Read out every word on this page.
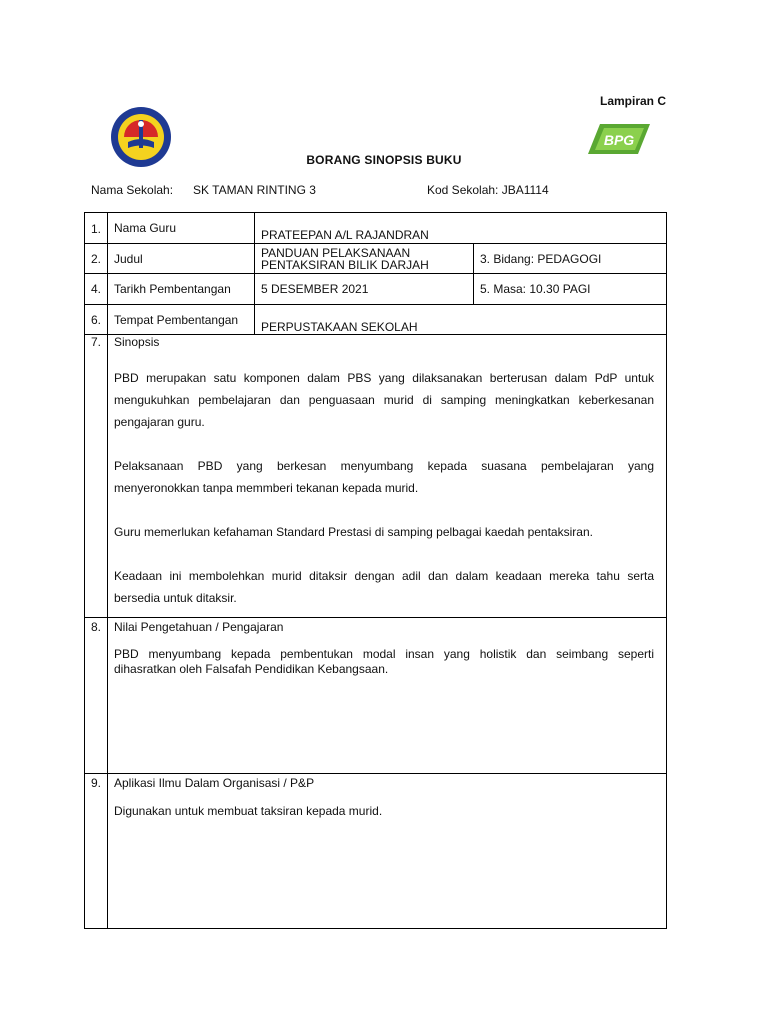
BPG
Lampiran C
BORANG SINOPSIS BUKU
Nama Sekolah: SK TAMAN RINTING 3	Kod Sekolah: JBA1114
1.	Nama Guru	PRATEEPAN A/L RAJANDRAN	
2.	Judul	PANDUAN PELAKSANAAN
PENTAKSIRAN BILIK DARJAH	3. Bidang: PEDAGOGI
4.	Tarikh Pembentangan	5 DESEMBER 2021	5. Masa: 10.30 PAGI
6.	Tempat Pembentangan	PERPUSTAKAAN SEKOLAH	
7.	Sinopsis

PBD merupakan satu komponen dalam PBS yang dilaksanakan berterusan dalam PdP untuk mengukuhkan pembelajaran dan penguasaan murid di samping meningkatkan keberkesanan pengajaran guru.

Pelaksanaan PBD yang berkesan menyumbang kepada suasana pembelajaran yang menyeronokkan tanpa memmberi tekanan kepada murid.

Guru memerlukan kefahaman Standard Prestasi di samping pelbagai kaedah pentaksiran.

Keadaan ini membolehkan murid ditaksir dengan adil dan dalam keadaan mereka tahu serta bersedia untuk ditaksir.		

8.	Nilai Pengetahuan / Pengajaran

PBD menyumbang kepada pembentukan modal insan yang holistik dan seimbang seperti dihasratkan oleh Falsafah Pendidikan Kebangsaan.		

9.	Aplikasi Ilmu Dalam Organisasi / P&P

Digunakan untuk membuat taksiran kepada murid.		
